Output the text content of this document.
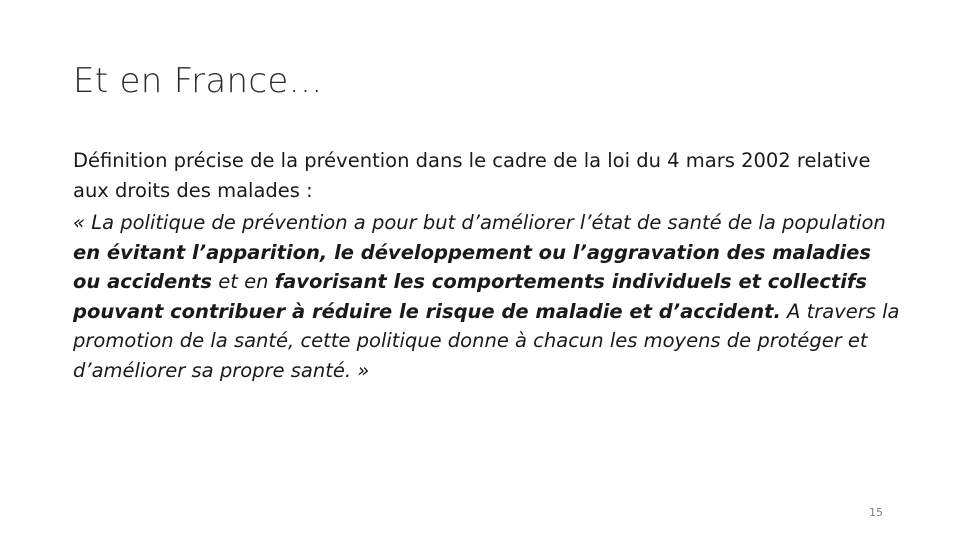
Et en France…

Définition précise de la prévention dans le cadre de la loi du 4 mars 2002 relative aux droits des malades :

« La politique de prévention a pour but d’améliorer l’état de santé de la population en évitant l’apparition, le développement ou l’aggravation des maladies ou accidents et en favorisant les comportements individuels et collectifs pouvant contribuer à réduire le risque de maladie et d’accident. A travers la promotion de la santé, cette politique donne à chacun les moyens de protéger et d’améliorer sa propre santé. »

15
